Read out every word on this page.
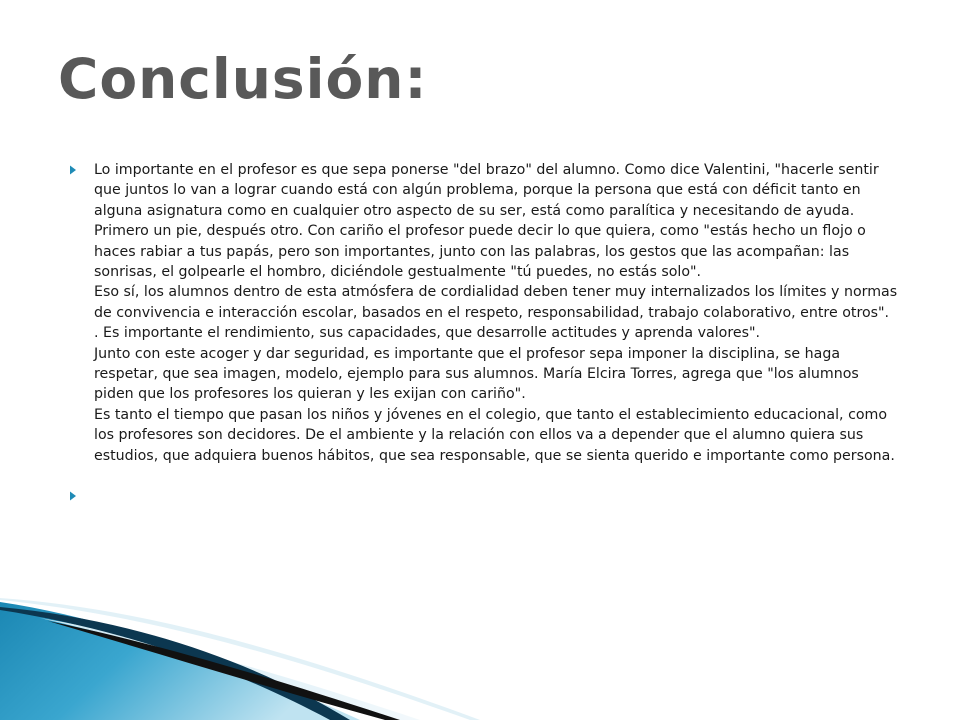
Conclusión:

Lo importante en el profesor es que sepa ponerse "del brazo" del alumno. Como dice Valentini, "hacerle sentir que juntos lo van a lograr cuando está con algún problema, porque la persona que está con déficit tanto en alguna asignatura como en cualquier otro aspecto de su ser, está como paralítica y necesitando de ayuda. Primero un pie, después otro. Con cariño el profesor puede decir lo que quiera, como "estás hecho un flojo o haces rabiar a tus papás, pero son importantes, junto con las palabras, los gestos que las acompañan: las sonrisas, el golpearle el hombro, diciéndole gestualmente "tú puedes, no estás solo".

Eso sí, los alumnos dentro de esta atmósfera de cordialidad deben tener muy internalizados los límites y normas de convivencia e interacción escolar, basados en el respeto, responsabilidad, trabajo colaborativo, entre otros". . Es importante el rendimiento, sus capacidades, que desarrolle actitudes y aprenda valores".

Junto con este acoger y dar seguridad, es importante que el profesor sepa imponer la disciplina, se haga respetar, que sea imagen, modelo, ejemplo para sus alumnos. María Elcira Torres, agrega que "los alumnos piden que los profesores los quieran y les exijan con cariño".

Es tanto el tiempo que pasan los niños y jóvenes en el colegio, que tanto el establecimiento educacional, como los profesores son decidores. De el ambiente y la relación con ellos va a depender que el alumno quiera sus estudios, que adquiera buenos hábitos, que sea responsable, que se sienta querido e importante como persona.
